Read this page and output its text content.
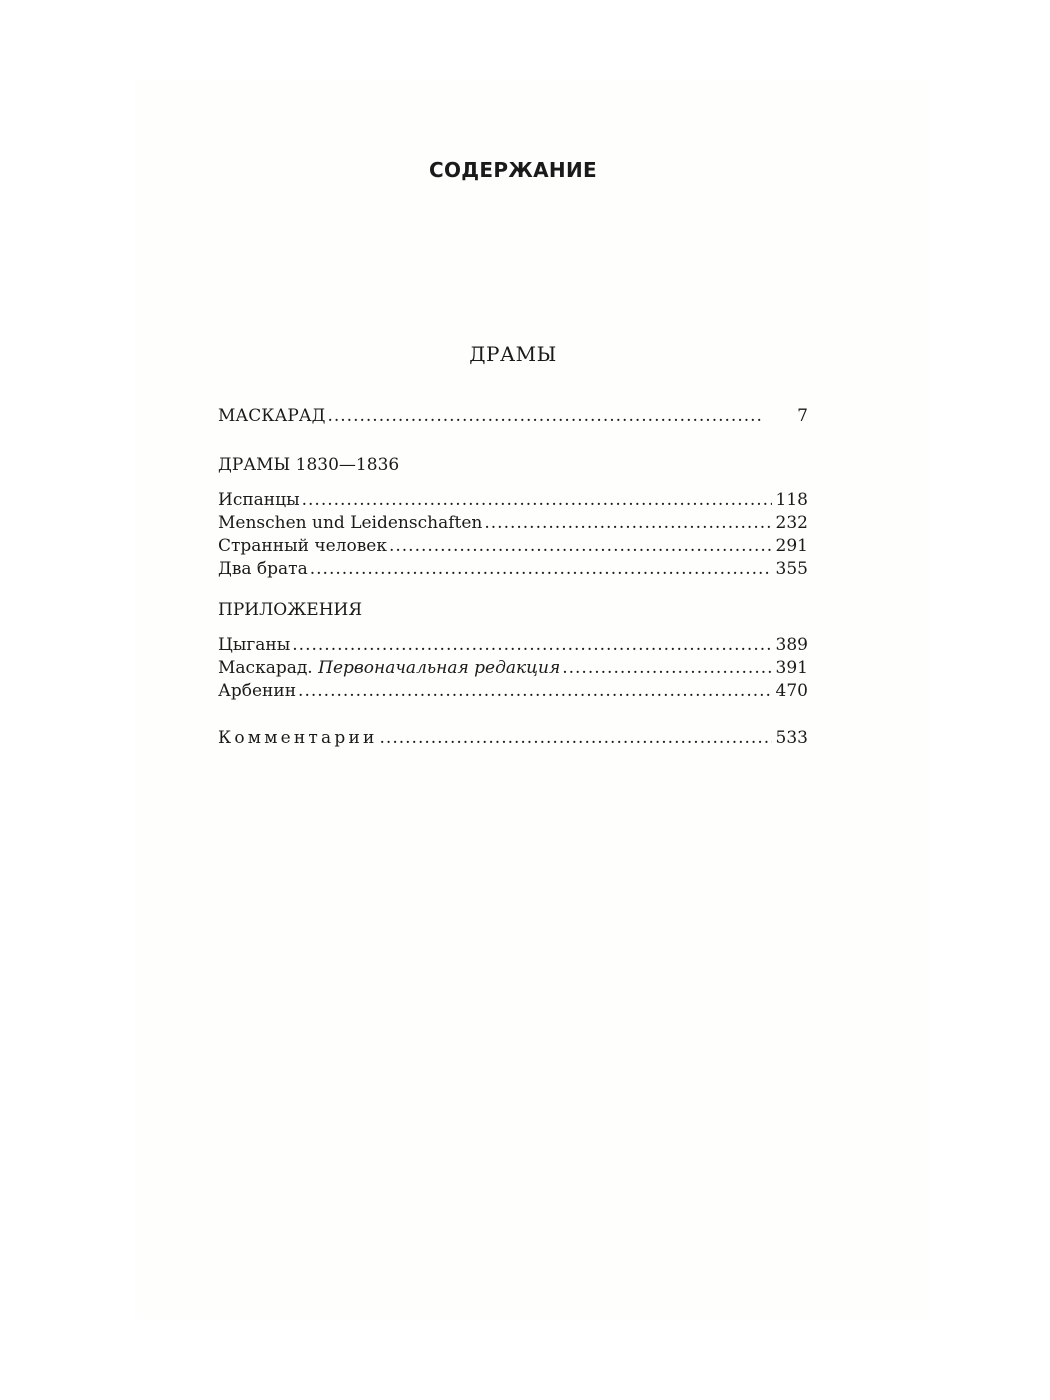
СОДЕРЖАНИЕ
ДРАМЫ
МАСКАРАД .....	7
ДРАМЫ 1830—1836
Испанцы .....	118
Menschen und Leidenschaften .....	232
Странный человек .....	291
Два брата .....	355
ПРИЛОЖЕНИЯ
Цыганы .....	389
Маскарад. Первоначальная редакция .....	391
Арбенин .....	470
Комментарии .....	533
